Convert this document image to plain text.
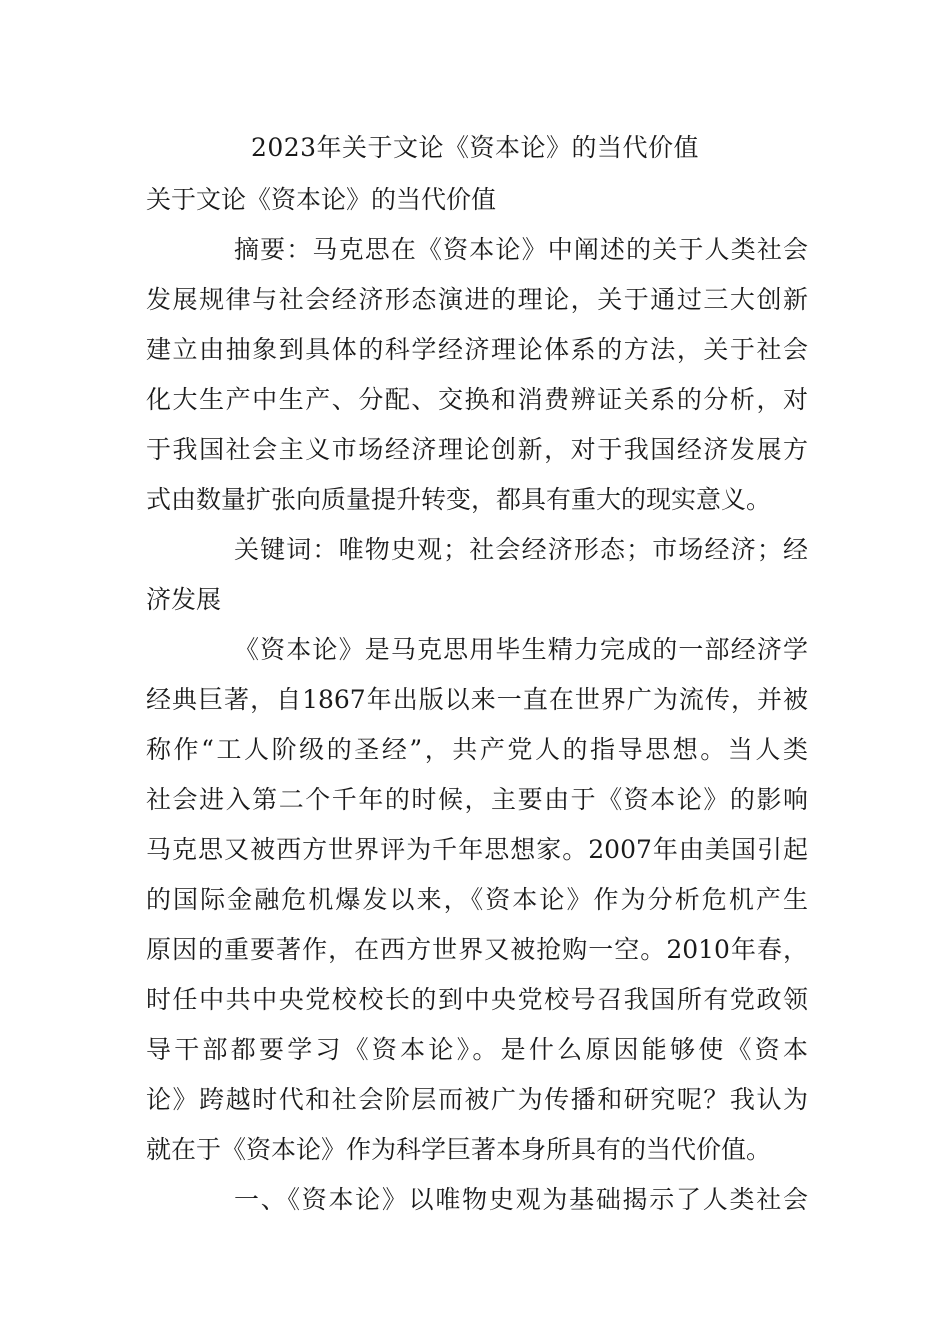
2023年关于文论《资本论》的当代价值
关于文论《资本论》的当代价值
摘要：马克思在《资本论》中阐述的关于人类社会
发展规律与社会经济形态演进的理论，关于通过三大创新
建立由抽象到具体的科学经济理论体系的方法，关于社会
化大生产中生产、分配、交换和消费辨证关系的分析，对
于我国社会主义市场经济理论创新，对于我国经济发展方
式由数量扩张向质量提升转变，都具有重大的现实意义。
关键词：唯物史观；社会经济形态；市场经济；经
济发展
《资本论》是马克思用毕生精力完成的一部经济学
经典巨著，自1867年出版以来一直在世界广为流传，并被
称作“工人阶级的圣经”，共产党人的指导思想。当人类
社会进入第二个千年的时候，主要由于《资本论》的影响
马克思又被西方世界评为千年思想家。2007年由美国引起
的国际金融危机爆发以来，《资本论》作为分析危机产生
原因的重要著作，在西方世界又被抢购一空。2010年春，
时任中共中央党校校长的到中央党校号召我国所有党政领
导干部都要学习《资本论》。是什么原因能够使《资本
论》跨越时代和社会阶层而被广为传播和研究呢？我认为
就在于《资本论》作为科学巨著本身所具有的当代价值。
一、《资本论》以唯物史观为基础揭示了人类社会
